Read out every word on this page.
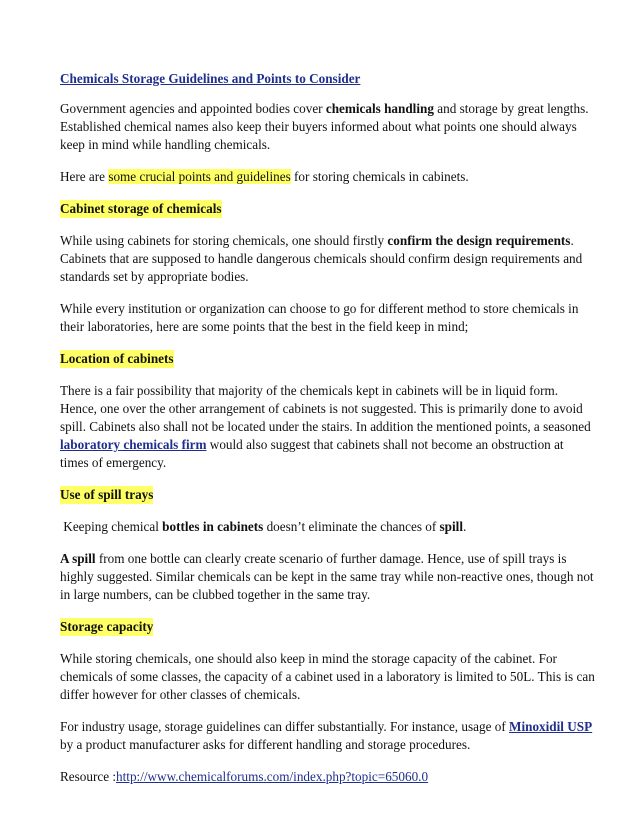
Chemicals Storage Guidelines and Points to Consider

Government agencies and appointed bodies cover chemicals handling and storage by great lengths. Established chemical names also keep their buyers informed about what points one should always keep in mind while handling chemicals.

Here are some crucial points and guidelines for storing chemicals in cabinets.

Cabinet storage of chemicals

While using cabinets for storing chemicals, one should firstly confirm the design requirements. Cabinets that are supposed to handle dangerous chemicals should confirm design requirements and standards set by appropriate bodies.

While every institution or organization can choose to go for different method to store chemicals in their laboratories, here are some points that the best in the field keep in mind;

Location of cabinets

There is a fair possibility that majority of the chemicals kept in cabinets will be in liquid form. Hence, one over the other arrangement of cabinets is not suggested. This is primarily done to avoid spill. Cabinets also shall not be located under the stairs. In addition the mentioned points, a seasoned laboratory chemicals firm would also suggest that cabinets shall not become an obstruction at times of emergency.

Use of spill trays

Keeping chemical bottles in cabinets doesn’t eliminate the chances of spill.

A spill from one bottle can clearly create scenario of further damage. Hence, use of spill trays is highly suggested. Similar chemicals can be kept in the same tray while non-reactive ones, though not in large numbers, can be clubbed together in the same tray.

Storage capacity

While storing chemicals, one should also keep in mind the storage capacity of the cabinet. For chemicals of some classes, the capacity of a cabinet used in a laboratory is limited to 50L. This is can differ however for other classes of chemicals.

For industry usage, storage guidelines can differ substantially. For instance, usage of Minoxidil USP by a product manufacturer asks for different handling and storage procedures.

Resource :http://www.chemicalforums.com/index.php?topic=65060.0
